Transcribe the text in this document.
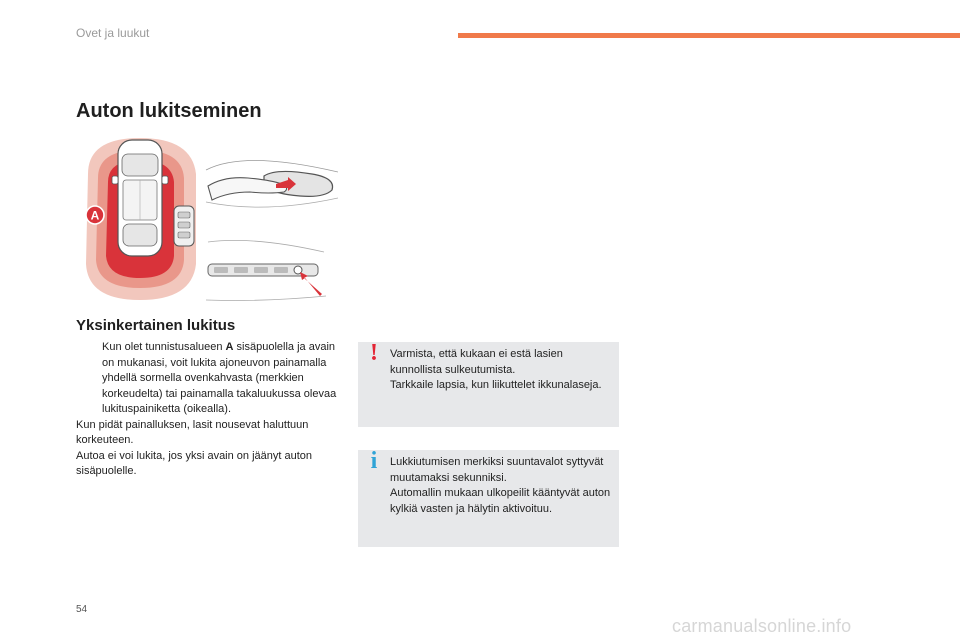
Ovet ja luukut
Auton lukitseminen
A
Yksinkertainen lukitus
Kun olet tunnistusalueen A sisäpuolella ja avain on mukanasi, voit lukita ajoneuvon painamalla yhdellä sormella ovenkahvasta (merkkien korkeudelta) tai painamalla takaluukussa olevaa lukituspainiketta (oikealla).

Kun pidät painalluksen, lasit nousevat haluttuun korkeuteen.

Autoa ei voi lukita, jos yksi avain on jäänyt auton sisäpuolelle.

!	Varmista, että kukaan ei estä lasien kunnollista sulkeutumista.

Tarkkaile lapsia, kun liikuttelet ikkunalaseja.

i	Lukkiutumisen merkiksi suuntavalot syttyvät muutamaksi sekunniksi.

Automallin mukaan ulkopeilit kääntyvät auton kylkiä vasten ja hälytin aktivoituu.

54
carmanualsonline.info
